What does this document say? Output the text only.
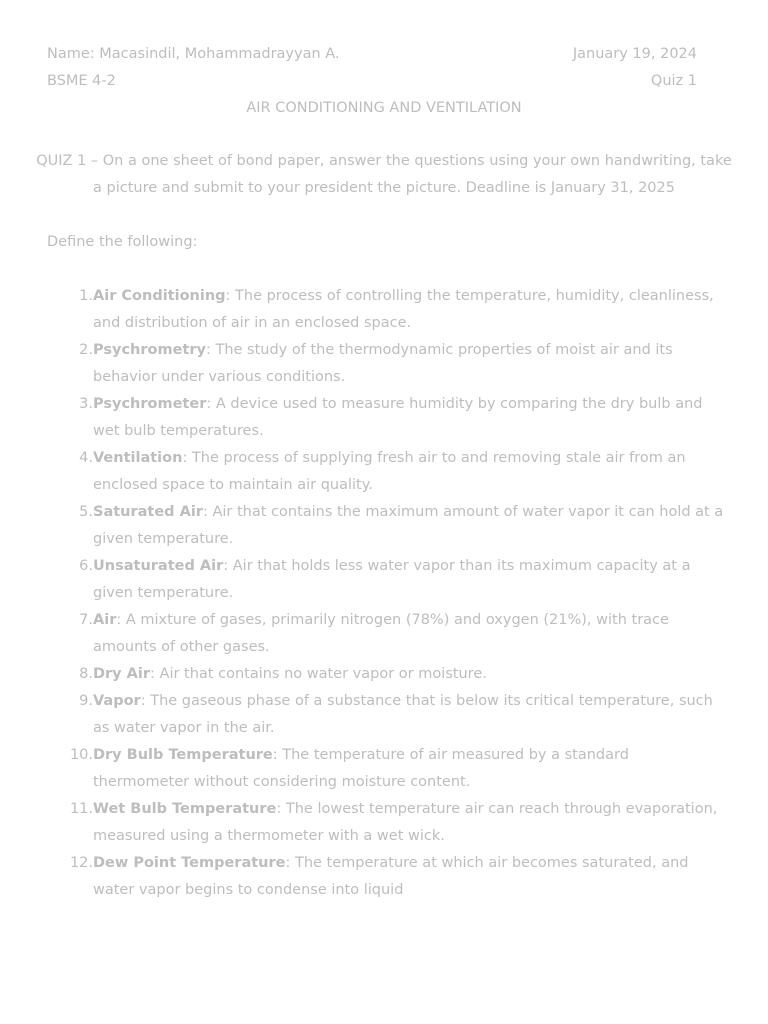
Name: Macasindil, Mohammadrayyan A.	January 19, 2024
BSME 4-2	Quiz 1
AIR CONDITIONING AND VENTILATION
QUIZ 1 – On a one sheet of bond paper, answer the questions using your own handwriting, take a picture and submit to your president the picture. Deadline is January 31, 2025
Define the following:
1. Air Conditioning: The process of controlling the temperature, humidity, cleanliness, and distribution of air in an enclosed space.
2. Psychrometry: The study of the thermodynamic properties of moist air and its behavior under various conditions.
3. Psychrometer: A device used to measure humidity by comparing the dry bulb and wet bulb temperatures.
4. Ventilation: The process of supplying fresh air to and removing stale air from an enclosed space to maintain air quality.
5. Saturated Air: Air that contains the maximum amount of water vapor it can hold at a given temperature.
6. Unsaturated Air: Air that holds less water vapor than its maximum capacity at a given temperature.
7. Air: A mixture of gases, primarily nitrogen (78%) and oxygen (21%), with trace amounts of other gases.
8. Dry Air: Air that contains no water vapor or moisture.
9. Vapor: The gaseous phase of a substance that is below its critical temperature, such as water vapor in the air.
10. Dry Bulb Temperature: The temperature of air measured by a standard thermometer without considering moisture content.
11. Wet Bulb Temperature: The lowest temperature air can reach through evaporation, measured using a thermometer with a wet wick.
12. Dew Point Temperature: The temperature at which air becomes saturated, and water vapor begins to condense into liquid
